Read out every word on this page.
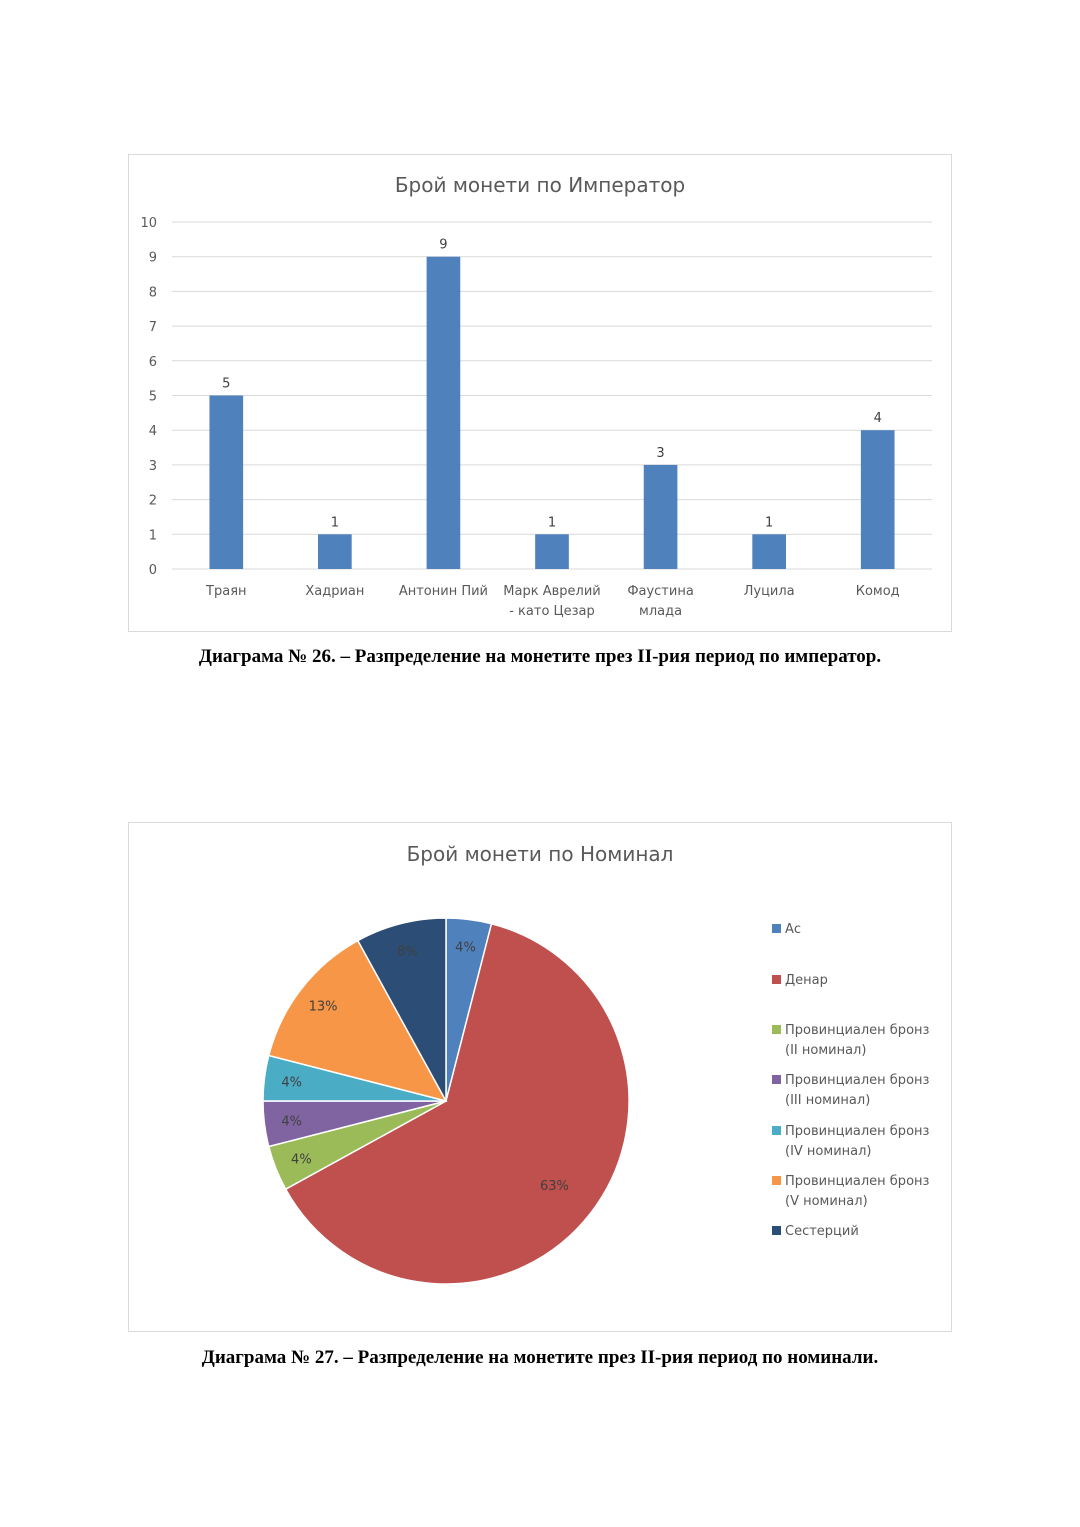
Брой монети по Император
0
1
2
3
4
5
6
7
8
9
10
5
Траян
1
Хадриан
9
Антонин Пий
1
Марк Аврелий
- като Цезар
3
Фаустина
млада
1
Луцила
4
Комод
Диаграма № 26. – Разпределение на монетите през II-рия период по император.
Брой монети по Номинал
4%
63%
4%
4%
4%
13%
8%
Ас
Денар
Провинциален бронз
(II номинал)
Провинциален бронз
(III номинал)
Провинциален бронз
(IV номинал)
Провинциален бронз
(V номинал)
Сестерций
Диаграма № 27. – Разпределение на монетите през II-рия период по номинали.
